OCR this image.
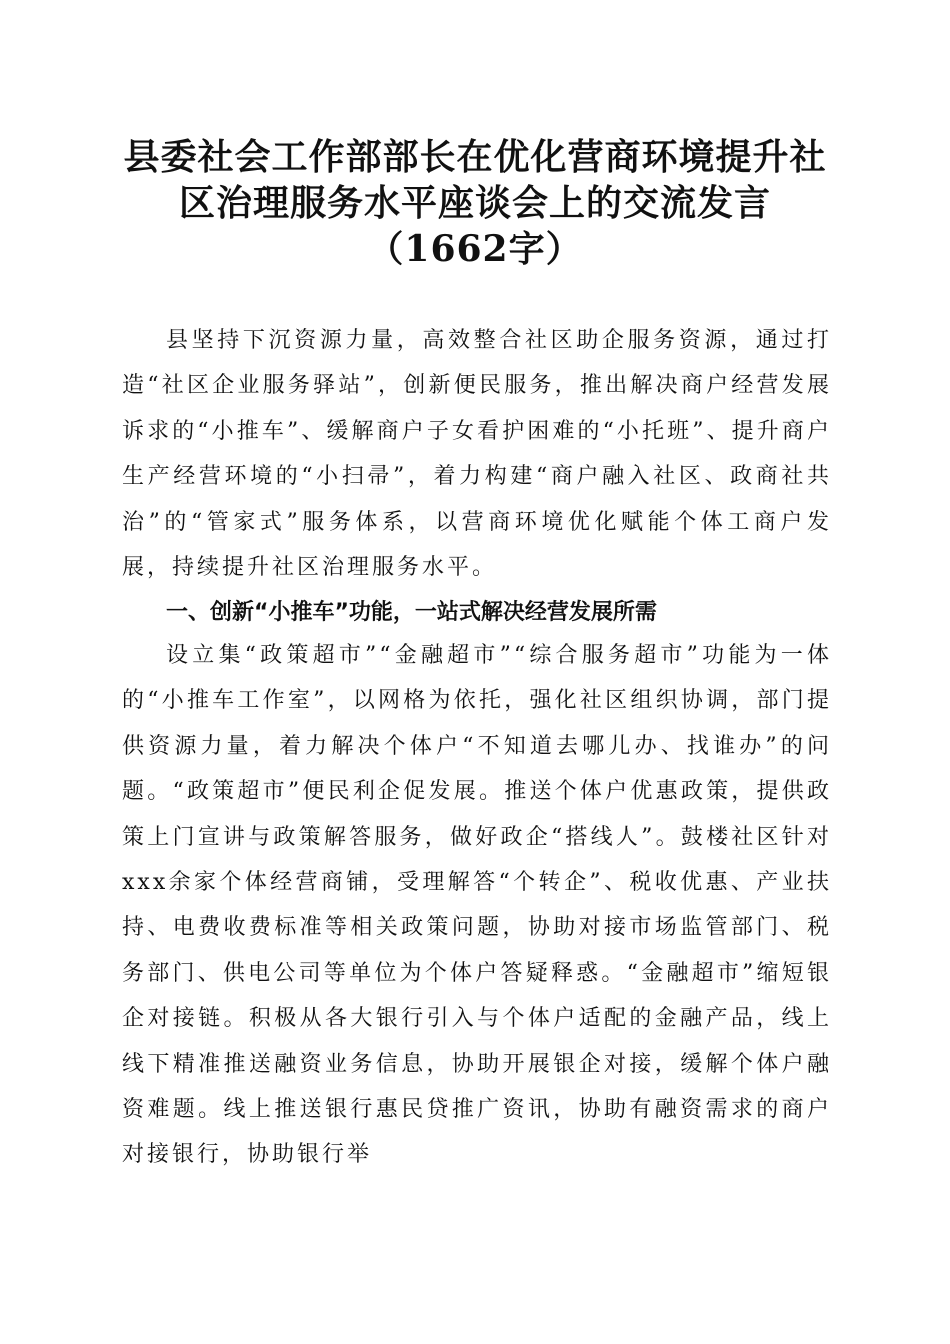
县委社会工作部部长在优化营商环境提升社区治理服务水平座谈会上的交流发言（1662字）

县坚持下沉资源力量，高效整合社区助企服务资源，通过打造“社区企业服务驿站”，创新便民服务，推出解决商户经营发展诉求的“小推车”、缓解商户子女看护困难的“小托班”、提升商户生产经营环境的“小扫帚”，着力构建“商户融入社区、政商社共治”的“管家式”服务体系，以营商环境优化赋能个体工商户发展，持续提升社区治理服务水平。

一、创新“小推车”功能，一站式解决经营发展所需

设立集“政策超市”“金融超市”“综合服务超市”功能为一体的“小推车工作室”，以网格为依托，强化社区组织协调，部门提供资源力量，着力解决个体户“不知道去哪儿办、找谁办”的问题。“政策超市”便民利企促发展。推送个体户优惠政策，提供政策上门宣讲与政策解答服务，做好政企“搭线人”。鼓楼社区针对xxx余家个体经营商铺，受理解答“个转企”、税收优惠、产业扶持、电费收费标准等相关政策问题，协助对接市场监管部门、税务部门、供电公司等单位为个体户答疑释惑。“金融超市”缩短银企对接链。积极从各大银行引入与个体户适配的金融产品，线上线下精准推送融资业务信息，协助开展银企对接，缓解个体户融资难题。线上推送银行惠民贷推广资讯，协助有融资需求的商户对接银行，协助银行举
